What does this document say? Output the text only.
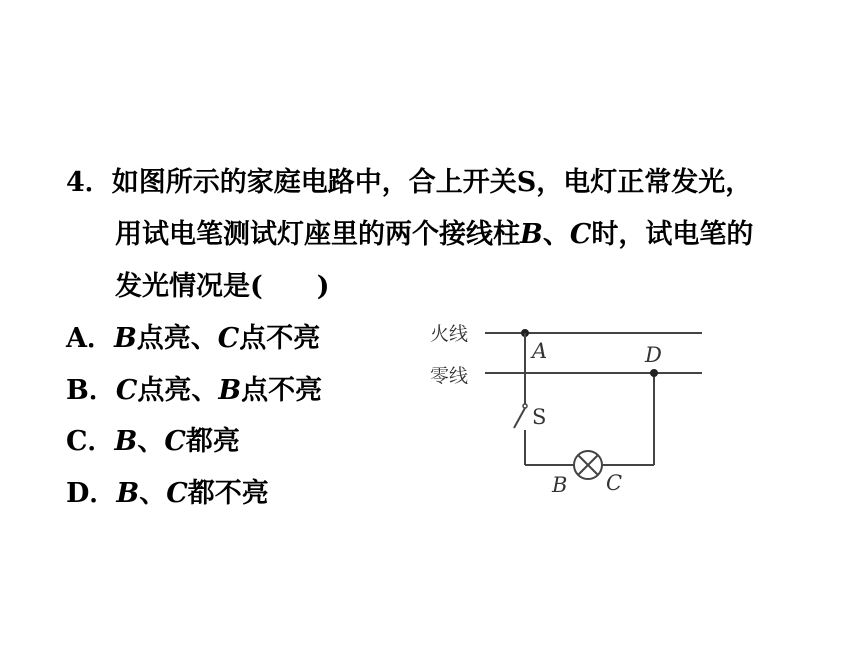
4．如图所示的家庭电路中，合上开关S，电灯正常发光，
用试电笔测试灯座里的两个接线柱B、C时，试电笔的
发光情况是(　　)
A．B点亮、C点不亮
B．C点亮、B点不亮
C．B、C都亮
D．B、C都不亮
火线
零线
A
S
B C
D
